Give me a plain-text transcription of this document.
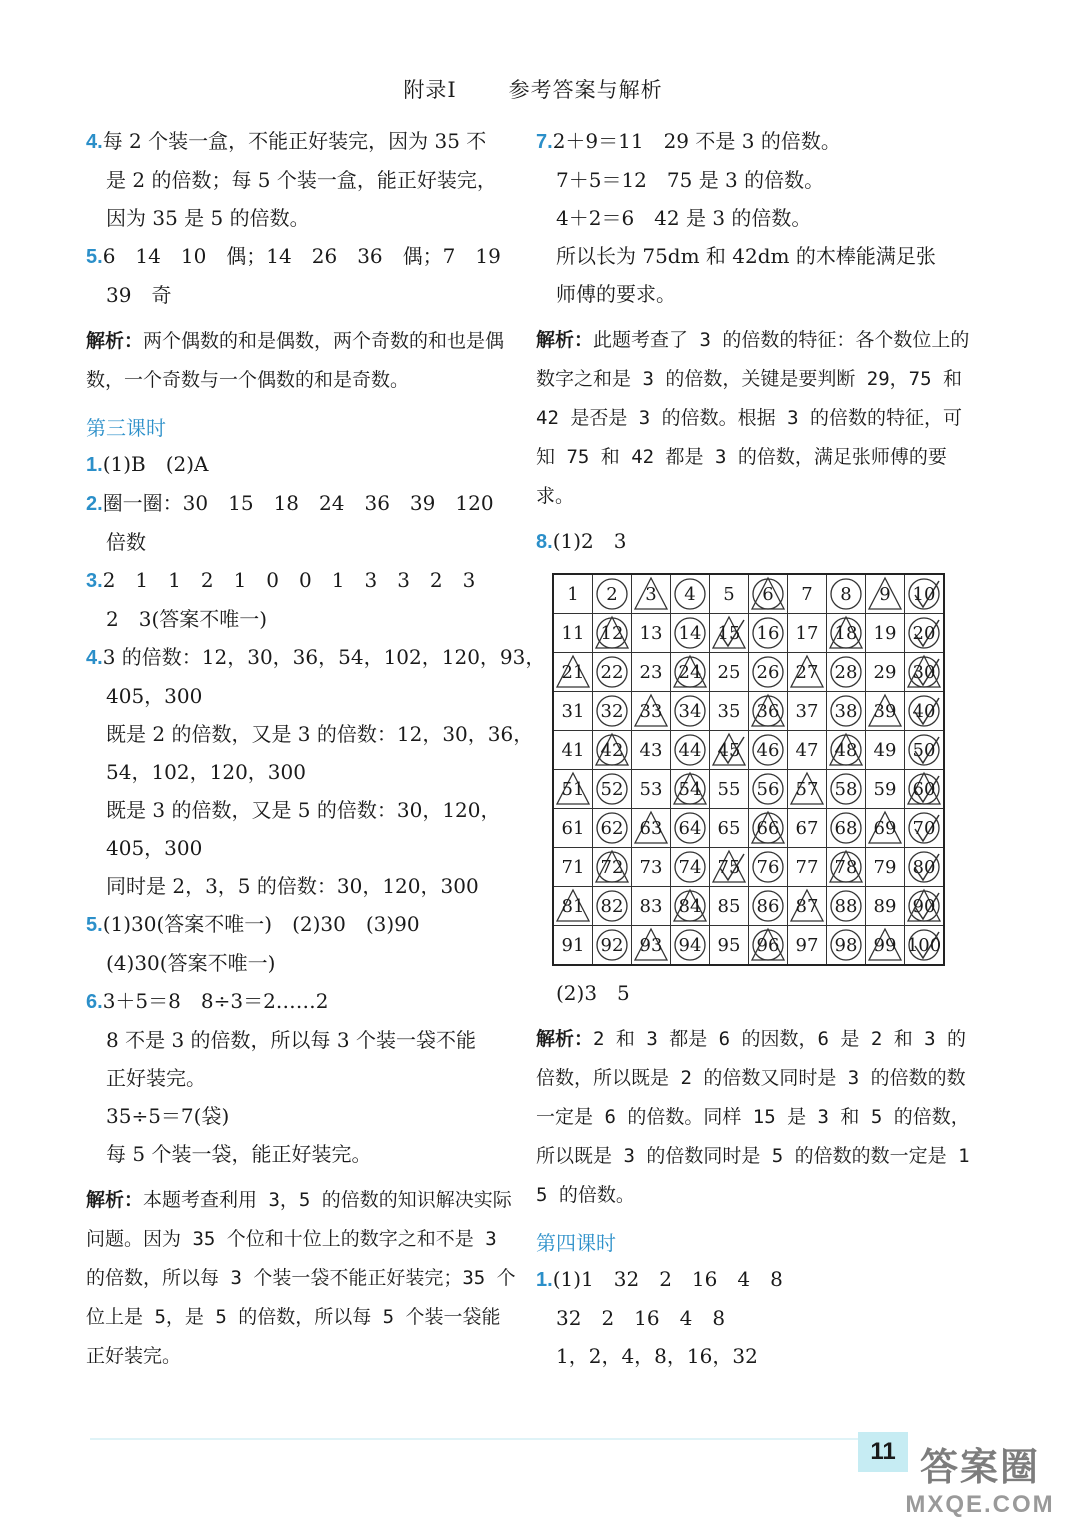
附录Ⅰ 参考答案与解析

4.每 2 个装一盒，不能正好装完，因为 35 不

是 2 的倍数；每 5 个装一盒，能正好装完，

因为 35 是 5 的倍数。

5.6　14　10　偶；14　26　36　偶；7　19

39　奇

解析：两个偶数的和是偶数，两个奇数的和也是偶数，一个奇数与一个偶数的和是奇数。

第三课时

1.(1)B　(2)A

2.圈一圈：30　15　18　24　36　39　120

倍数

3.2　1　1　2　1　0　0　1　3　3　2　3

2　3(答案不唯一)

4.3 的倍数：12，30，36，54，102，120，93，

405，300

既是 2 的倍数，又是 3 的倍数：12，30，36，

54，102，120，300

既是 3 的倍数，又是 5 的倍数：30，120，

405，300

同时是 2，3，5 的倍数：30，120，300

5.(1)30(答案不唯一)　(2)30　(3)90

(4)30(答案不唯一)

6.3＋5＝8　8÷3＝2……2

8 不是 3 的倍数，所以每 3 个装一袋不能

正好装完。

35÷5＝7(袋)

每 5 个装一袋，能正好装完。

解析：本题考查利用 3，5 的倍数的知识解决实际问题。因为 35 个位和十位上的数字之和不是 3 的倍数，所以每 3 个装一袋不能正好装完；35 个位上是 5，是 5 的倍数，所以每 5 个装一袋能正好装完。

7.2＋9＝11　29 不是 3 的倍数。

7＋5＝12　75 是 3 的倍数。

4＋2＝6　42 是 3 的倍数。

所以长为 75dm 和 42dm 的木棒能满足张

师傅的要求。

解析：此题考查了 3 的倍数的特征：各个数位上的数字之和是 3 的倍数，关键是要判断 29，75 和 42 是否是 3 的倍数。根据 3 的倍数的特征，可知 75 和 42 都是 3 的倍数，满足张师傅的要求。

8.(1)2　3

1	2	3	4	5	6	7	8	9	10
11	12	13	14	15	16	17	18	19	20

21	22	23	24	25	26	27	28	29	30
31	32	33	34	35	36	37	38	39	40
41	42	43	44	45	46	47	48	49	50

51	52	53	54	55	56	57	58	59	60
61	62	63	64	65	66	67	68	69	70
71	72	73	74	75	76	77	78	79	80

81	82	83	84	85	86	87	88	89	90
91	92	93	94	95	96	97	98	99	100

(2)3　5

解析：2 和 3 都是 6 的因数，6 是 2 和 3 的倍数，所以既是 2 的倍数又同时是 3 的倍数的数一定是 6 的倍数。同样 15 是 3 和 5 的倍数，所以既是 3 的倍数同时是 5 的倍数的数一定是 15 的倍数。

第四课时

1.(1)1　32　2　16　4　8

32　2　16　4　8

1，2，4，8，16，32

11 答案圈
MXQE.COM
